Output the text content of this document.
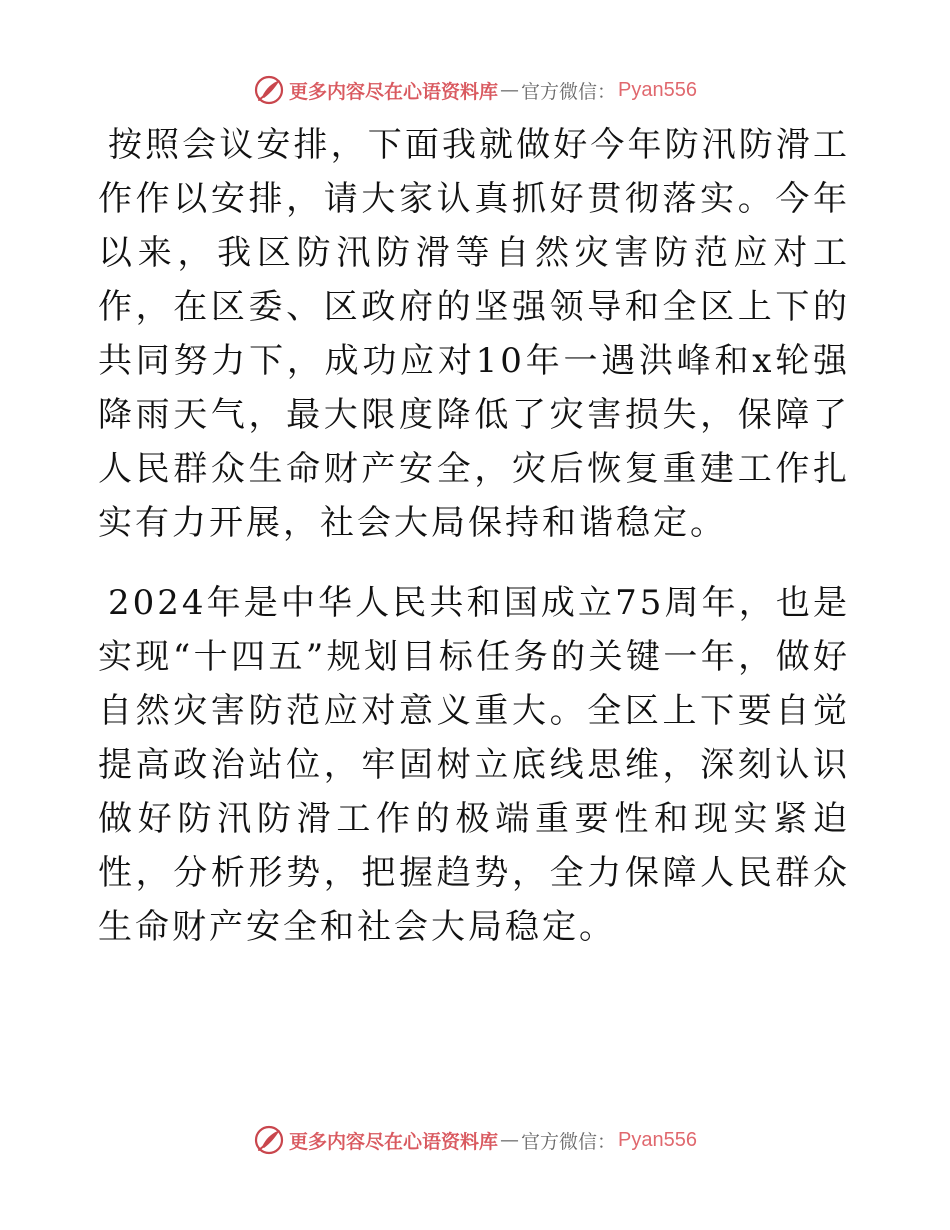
更多内容尽在心语资料库 — 官方微信： Pyan556

按照会议安排，下面我就做好今年防汛防滑工作作以安排，请大家认真抓好贯彻落实。今年以来，我区防汛防滑等自然灾害防范应对工作，在区委、区政府的坚强领导和全区上下的共同努力下，成功应对10年一遇洪峰和x轮强降雨天气，最大限度降低了灾害损失，保障了人民群众生命财产安全，灾后恢复重建工作扎实有力开展，社会大局保持和谐稳定。

2024年是中华人民共和国成立75周年，也是实现“十四五”规划目标任务的关键一年，做好自然灾害防范应对意义重大。全区上下要自觉提高政治站位，牢固树立底线思维，深刻认识做好防汛防滑工作的极端重要性和现实紧迫性，分析形势，把握趋势，全力保障人民群众生命财产安全和社会大局稳定。

更多内容尽在心语资料库 — 官方微信： Pyan556
